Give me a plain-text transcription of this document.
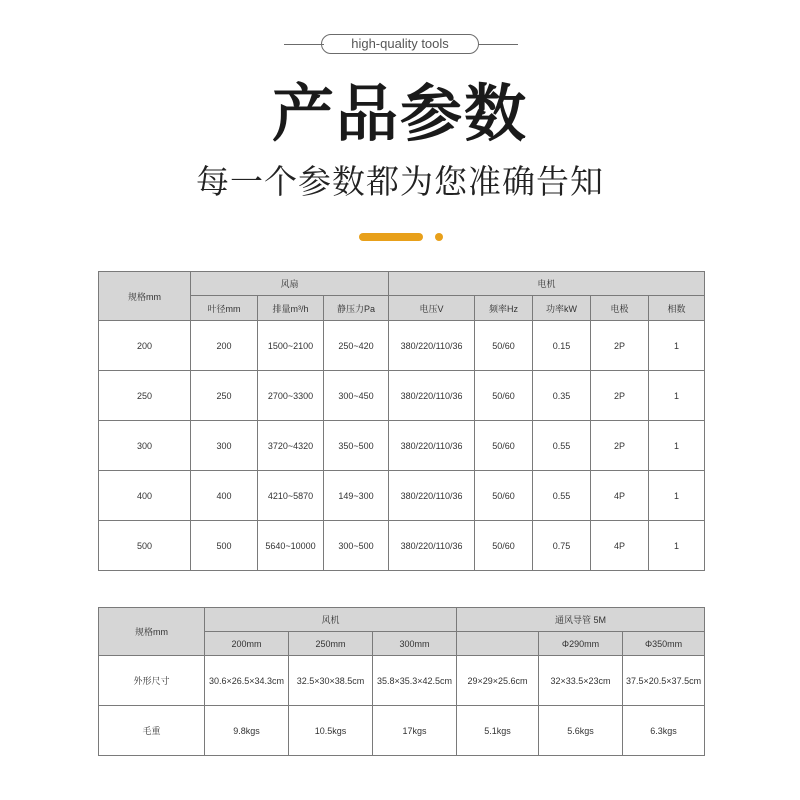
high-quality tools
产品参数
每一个参数都为您准确告知
规格mm	风扇			电机				
	叶径mm	排量m³/h	静压力Pa	电压V	频率Hz	功率kW	电极	相数
200	200	1500~2100	250~420	380/220/110/36	50/60	0.15	2P	1
250	250	2700~3300	300~450	380/220/110/36	50/60	0.35	2P	1
300	300	3720~4320	350~500	380/220/110/36	50/60	0.55	2P	1
400	400	4210~5870	149~300	380/220/110/36	50/60	0.55	4P	1
500	500	5640~10000	300~500	380/220/110/36	50/60	0.75	4P	1
规格mm	风机			通风导管 5M		
	200mm	250mm	300mm		Φ290mm	Φ350mm
外形尺寸	30.6×26.5×34.3cm	32.5×30×38.5cm	35.8×35.3×42.5cm	29×29×25.6cm	32×33.5×23cm	37.5×20.5×37.5cm
毛重	9.8kgs	10.5kgs	17kgs	5.1kgs	5.6kgs	6.3kgs
